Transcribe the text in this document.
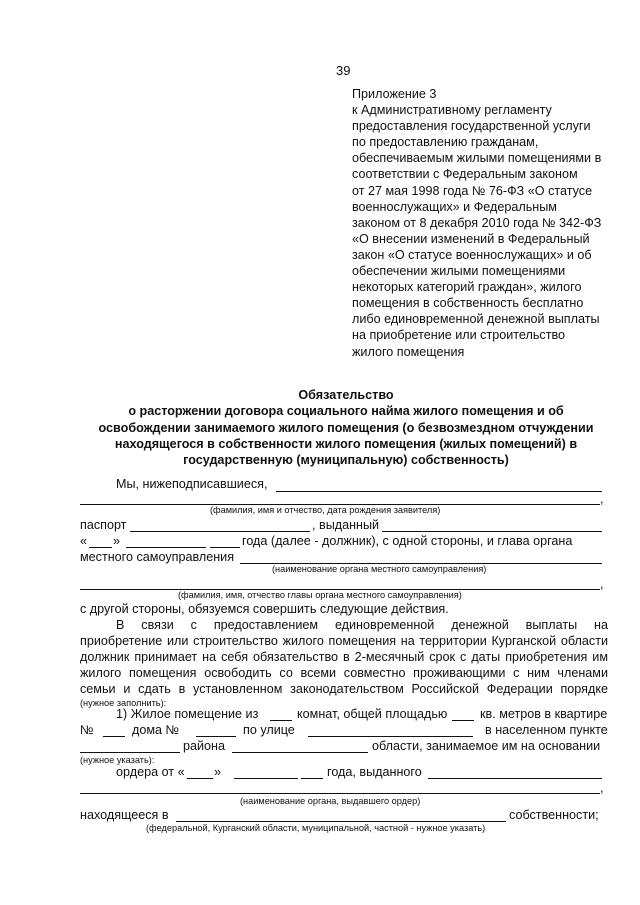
39
Приложение 3
к Административному регламенту
предоставления государственной услуги
по предоставлению гражданам,
обеспечиваемым жилыми помещениями в
соответствии с Федеральным законом
от 27 мая 1998 года № 76-ФЗ «О статусе
военнослужащих» и Федеральным
законом от 8 декабря 2010 года № 342-ФЗ
«О внесении изменений в Федеральный
закон «О статусе военнослужащих» и об
обеспечении жилыми помещениями
некоторых категорий граждан», жилого
помещения в собственность бесплатно
либо единовременной денежной выплаты
на приобретение или строительство
жилого помещения
Обязательство
о расторжении договора социального найма жилого помещения и об
освобождении занимаемого жилого помещения (о безвозмездном отчуждении
находящегося в собственности жилого помещения (жилых помещений) в
государственную (муниципальную) собственность)
Мы, нижеподписавшиеся,
,
(фамилия, имя и отчество, дата рождения заявителя)
паспорт	, выданный
« »	года (далее - должник), с одной стороны, и глава органа
местного самоуправления
(наименование органа местного самоуправления)
,
(фамилия, имя, отчество главы органа местного самоуправления)
с другой стороны, обязуемся совершить следующие действия.
В связи с предоставлением единовременной денежной выплаты на
приобретение или строительство жилого помещения на территории Курганской области
должник принимает на себя обязательство в 2-месячный срок с даты приобретения им
жилого помещения освободить со всеми совместно проживающими с ним членами
семьи и сдать в установленном законодательством Российской Федерации порядке
(нужное заполнить):
1) Жилое помещение из	комнат, общей площадью	кв. метров в квартире
№	дома №	по улице	в населенном пункте
района	области, занимаемое им на основании
(нужное указать):
ордера от « »	года, выданного
,
(наименование органа, выдавшего ордер)
находящееся в	собственности;
(федеральной, Курганский области, муниципальной, частной - нужное указать)
